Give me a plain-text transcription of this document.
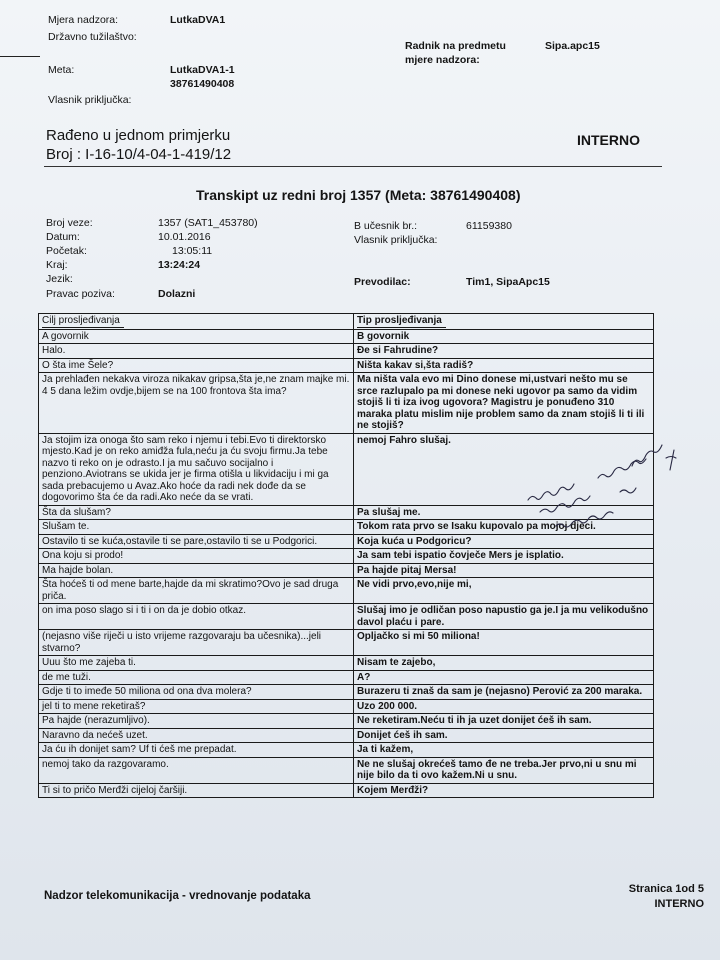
Mjera nadzora:	LutkaDVA1
Državno tužilaštvo:
Radnik na predmetu
mjere nadzora:
Sipa.apc15
Meta:	LutkaDVA1-1
38761490408
Vlasnik priključka:
Rađeno u jednom primjerku
Broj : I-16-10/4-04-1-419/12
INTERNO
Transkipt uz redni broj 1357 (Meta: 38761490408)
Broj veze:	1357 (SAT1_453780)
Datum:	10.01.2016
Početak:	13:05:11
Kraj:	13:24:24
Jezik:
Pravac poziva:	Dolazni
B učesnik br.:	61159380
Vlasnik priključka:
Prevodilac:	Tim1, SipaApc15
Cilj prosljeđivanja	Tip prosljeđivanja
A govornik	B govornik
Halo.	Đe si Fahrudine?
O šta ime Šele?	Ništa kakav si,šta radiš?
Ja prehlađen nekakva viroza nikakav gripsa,šta je,ne znam majke mi. 4 5 dana ležim ovdje,bijem se na 100 frontova šta ima?	Ma ništa vala evo mi Dino donese mi,ustvari nešto mu se srce razlupalo pa mi donese neki ugovor pa samo da vidim stojiš li ti iza ivog ugovora? Magistru je ponuđeno 310 maraka platu mislim nije problem samo da znam stojiš li ti ili ne stojiš?
Ja stojim iza onoga što sam reko i njemu i tebi.Evo ti direktorsko mjesto.Kad je on reko amiđža fula,neću ja ću svoju firmu.Ja tebe nazvo ti reko on je odrasto.I ja mu sačuvo socijalno i penziono.Aviotrans se ukida jer je firma otišla u likvidaciju i mi ga sada prebacujemo u Avaz.Ako hoće da radi nek dođe da se dogovorimo šta će da radi.Ako neće da se vrati.	nemoj Fahro slušaj.
Šta da slušam?	Pa slušaj me.
Slušam te.	Tokom rata prvo se Isaku kupovalo pa mojoj djeci.
Ostavilo ti se kuća,ostavile ti se pare,ostavilo ti se u Podgorici.	Koja kuća u Podgoricu?
Ona koju si prodo!	Ja sam tebi ispatio čovječe Mers je isplatio.
Ma hajde bolan.	Pa hajde pitaj Mersa!
Šta hoćeš ti od mene barte,hajde da mi skratimo?Ovo je sad druga priča.	Ne vidi prvo,evo,nije mi,
on ima poso slago si i ti i on da je dobio otkaz.	Slušaj imo je odličan poso napustio ga je.I ja mu velikodušno davol plaću i pare.
(nejasno više riječi u isto vrijeme razgovaraju ba učesnika)...jeli stvarno?	Opljačko si mi 50 miliona!
Uuu što me zajeba ti.	Nisam te zajebo,
de me tuži.	A?
Gdje ti to imeđe 50 miliona od ona dva molera?	Burazeru ti znaš da sam je (nejasno) Perović za 200 maraka.
jel ti to mene reketiraš?	Uzo 200 000.
Pa hajde (nerazumljivo).	Ne reketiram.Neću ti ih ja uzet donijet ćeš ih sam.
Naravno da nećeš uzet.	Donijet ćeš ih sam.
Ja ću ih donijet sam? Uf ti ćeš me prepadat.	Ja ti kažem,
nemoj tako da razgovaramo.	Ne ne slušaj okrećeš tamo đe ne treba.Jer prvo,ni u snu mi nije bilo da ti ovo kažem.Ni u snu.
Ti si to pričo Merđži cijeloj čaršiji.	Kojem Merđži?
Nadzor telekomunikacija - vrednovanje podataka
Stranica 1od 5
INTERNO
